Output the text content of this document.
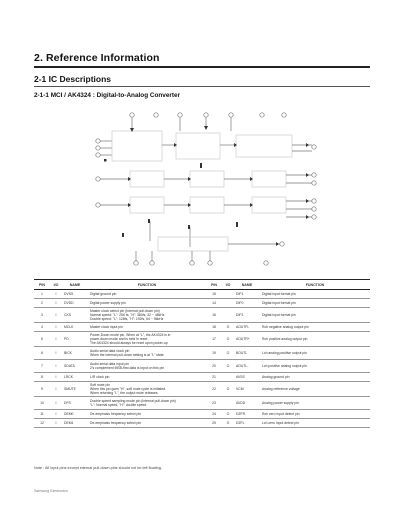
2. Reference Information
2-1 IC Descriptions
2-1-1 MCI / AK4324 : Digital-to-Analog Converter
PIN	I/O	NAME	FUNCTION	PIN	I/O	NAME	FUNCTION
1	I	DVSS	Digital ground pin	15		DIF1	Digital input format pin

2	I	DVDD	Digital power supply pin	14		DIF0	Digital input format pin

3	I	CKS	Master clock select pin (Internal pull-down pin)
Normal speed: "L": 256 fs, "H": 384fs, 32 ~ 48kHz
Double speed: "L": 128fs, "H": 192fs, 64 ~ 96kHz	16		DIF2	Digital input format pin

4	I	MCLK	Master clock input pin	18	O	AOUTR-	Rch negative analog output pin

5	I	PD	Power-Down mode pin. When at "L", the AK4324 is in
power-down mode and is held in reset.
The AK4324 should always be reset upon power-up	17	O	AOUTR+	Rch positive analog output pin

6	I	BICK	Audio serial data clock pin
When the internal pull-down setting is at "L" state	19	O	BOUTL	Lch analog positive output pin

7	I	SDATA	Audio serial data input pin
2's complement MSB-first data is input on this pin	20	O	AOUTL-	Lch positive analog output pin

8	I	LRCK	L/R clock pin	21		AVSS	Analog ground pin

9	I	SMUTE	Soft mute pin
When this pin goes "H", soft mute cycle is initiated.
When returning "L", the output mute releases.	22	O	VCM	Analog reference voltage

10	I	DFS	Double speed sampling mode pin (Internal pull-down pin)
"L": Normal speed, "H": double speed	23		AVDD	Analog power supply pin

11	I	DEM0	De-emphasis frequency select pin	24	O	DZFR	Rch zero input detect pin

12	I	DEM1	De-emphasis frequency select pin	25	O	DZFL	Lch zero input detect pin
Note : All input pins except internal pull-down pins should not be left floating.
Samsung Electronics
